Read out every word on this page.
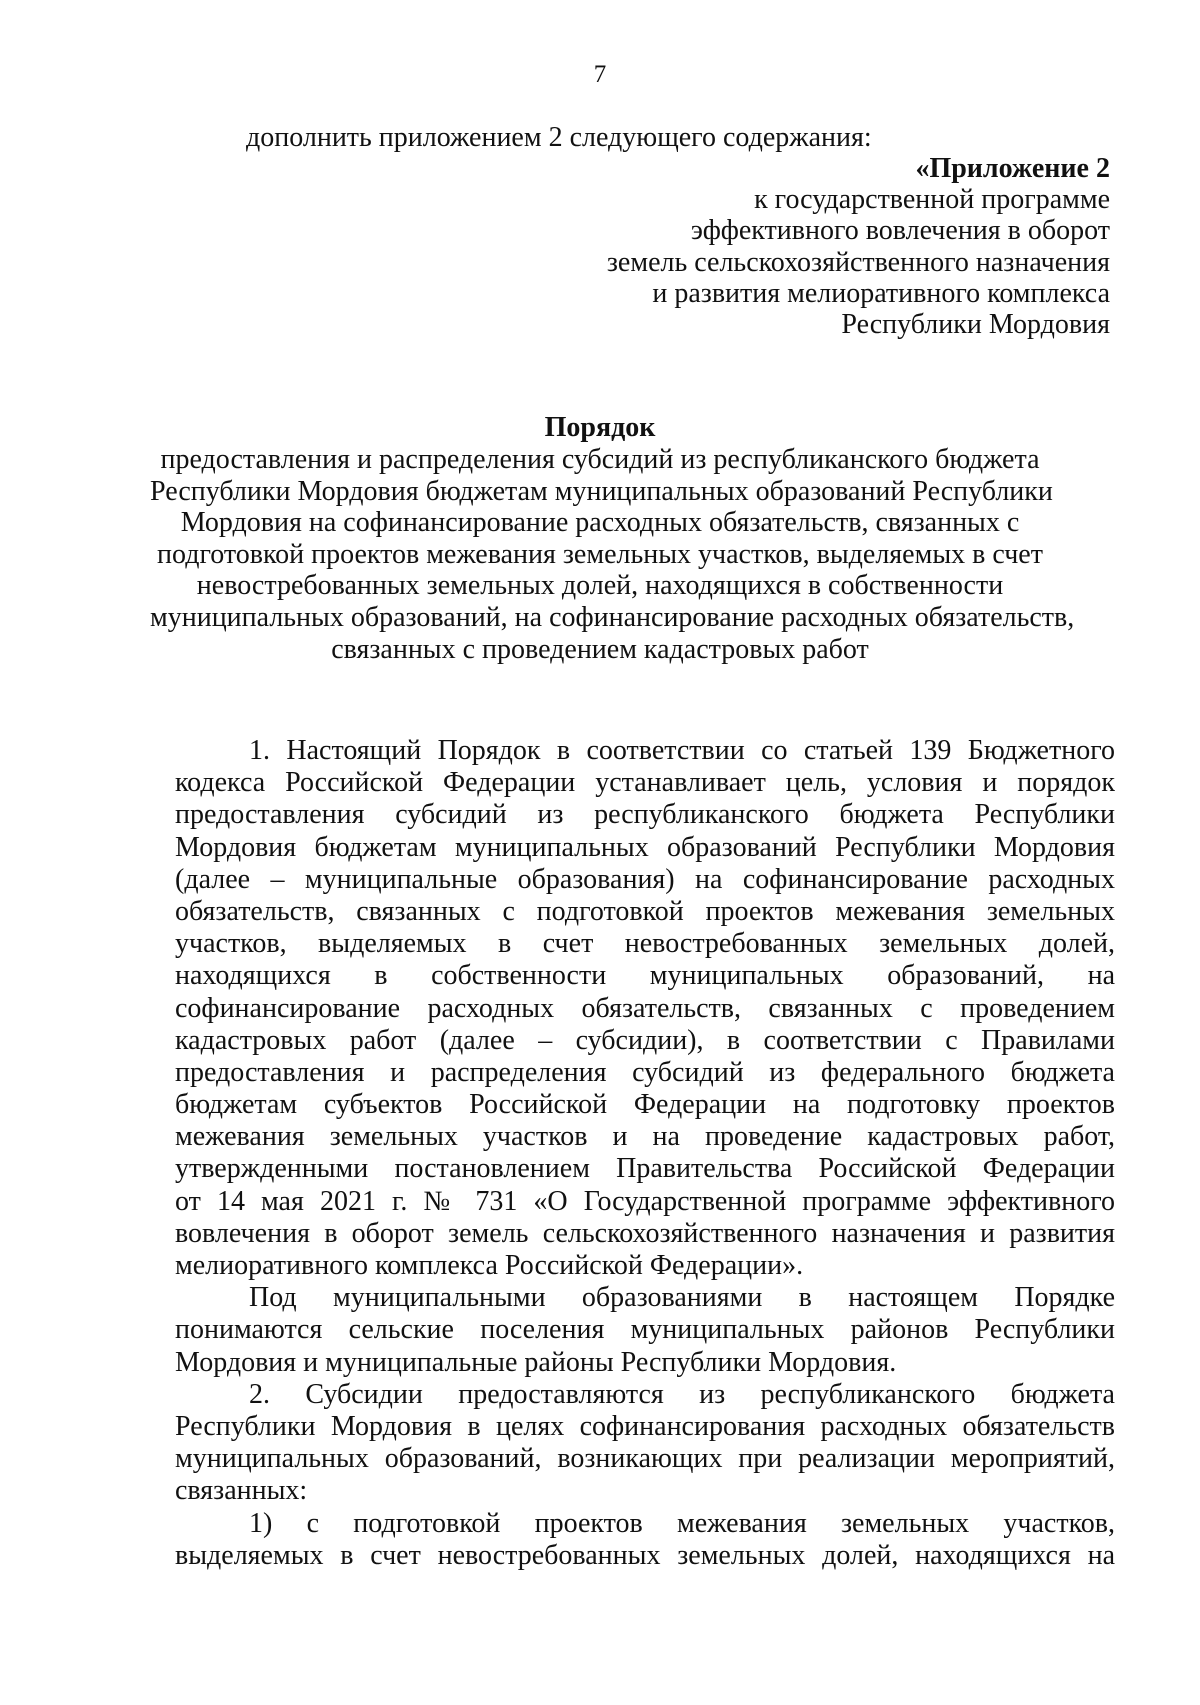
7
дополнить приложением 2 следующего содержания:
«Приложение 2
к государственной программе
эффективного вовлечения в оборот
земель сельскохозяйственного назначения
и развития мелиоративного комплекса
Республики Мордовия
Порядок
предоставления и распределения субсидий из республиканского бюджета
Республики Мордовия бюджетам муниципальных образований Республики
Мордовия на софинансирование расходных обязательств, связанных с
подготовкой проектов межевания земельных участков, выделяемых в счет
невостребованных земельных долей, находящихся в собственности
муниципальных образований, на софинансирование расходных обязательств,
связанных с проведением кадастровых работ
1. Настоящий Порядок в соответствии со статьей 139 Бюджетного
кодекса Российской Федерации устанавливает цель, условия и порядок
предоставления субсидий из республиканского бюджета Республики
Мордовия бюджетам муниципальных образований Республики Мордовия
(далее – муниципальные образования) на софинансирование расходных
обязательств, связанных с подготовкой проектов межевания земельных
участков, выделяемых в счет невостребованных земельных долей,
находящихся в собственности муниципальных образований, на
софинансирование расходных обязательств, связанных с проведением
кадастровых работ (далее – субсидии), в соответствии с Правилами
предоставления и распределения субсидий из федерального бюджета
бюджетам субъектов Российской Федерации на подготовку проектов
межевания земельных участков и на проведение кадастровых работ,
утвержденными постановлением Правительства Российской Федерации
от 14 мая 2021 г. № 731 «О Государственной программе эффективного
вовлечения в оборот земель сельскохозяйственного назначения и развития
мелиоративного комплекса Российской Федерации».
Под муниципальными образованиями в настоящем Порядке
понимаются сельские поселения муниципальных районов Республики
Мордовия и муниципальные районы Республики Мордовия.
2. Субсидии предоставляются из республиканского бюджета
Республики Мордовия в целях софинансирования расходных обязательств
муниципальных образований, возникающих при реализации мероприятий,
связанных:
1) с подготовкой проектов межевания земельных участков,
выделяемых в счет невостребованных земельных долей, находящихся на
